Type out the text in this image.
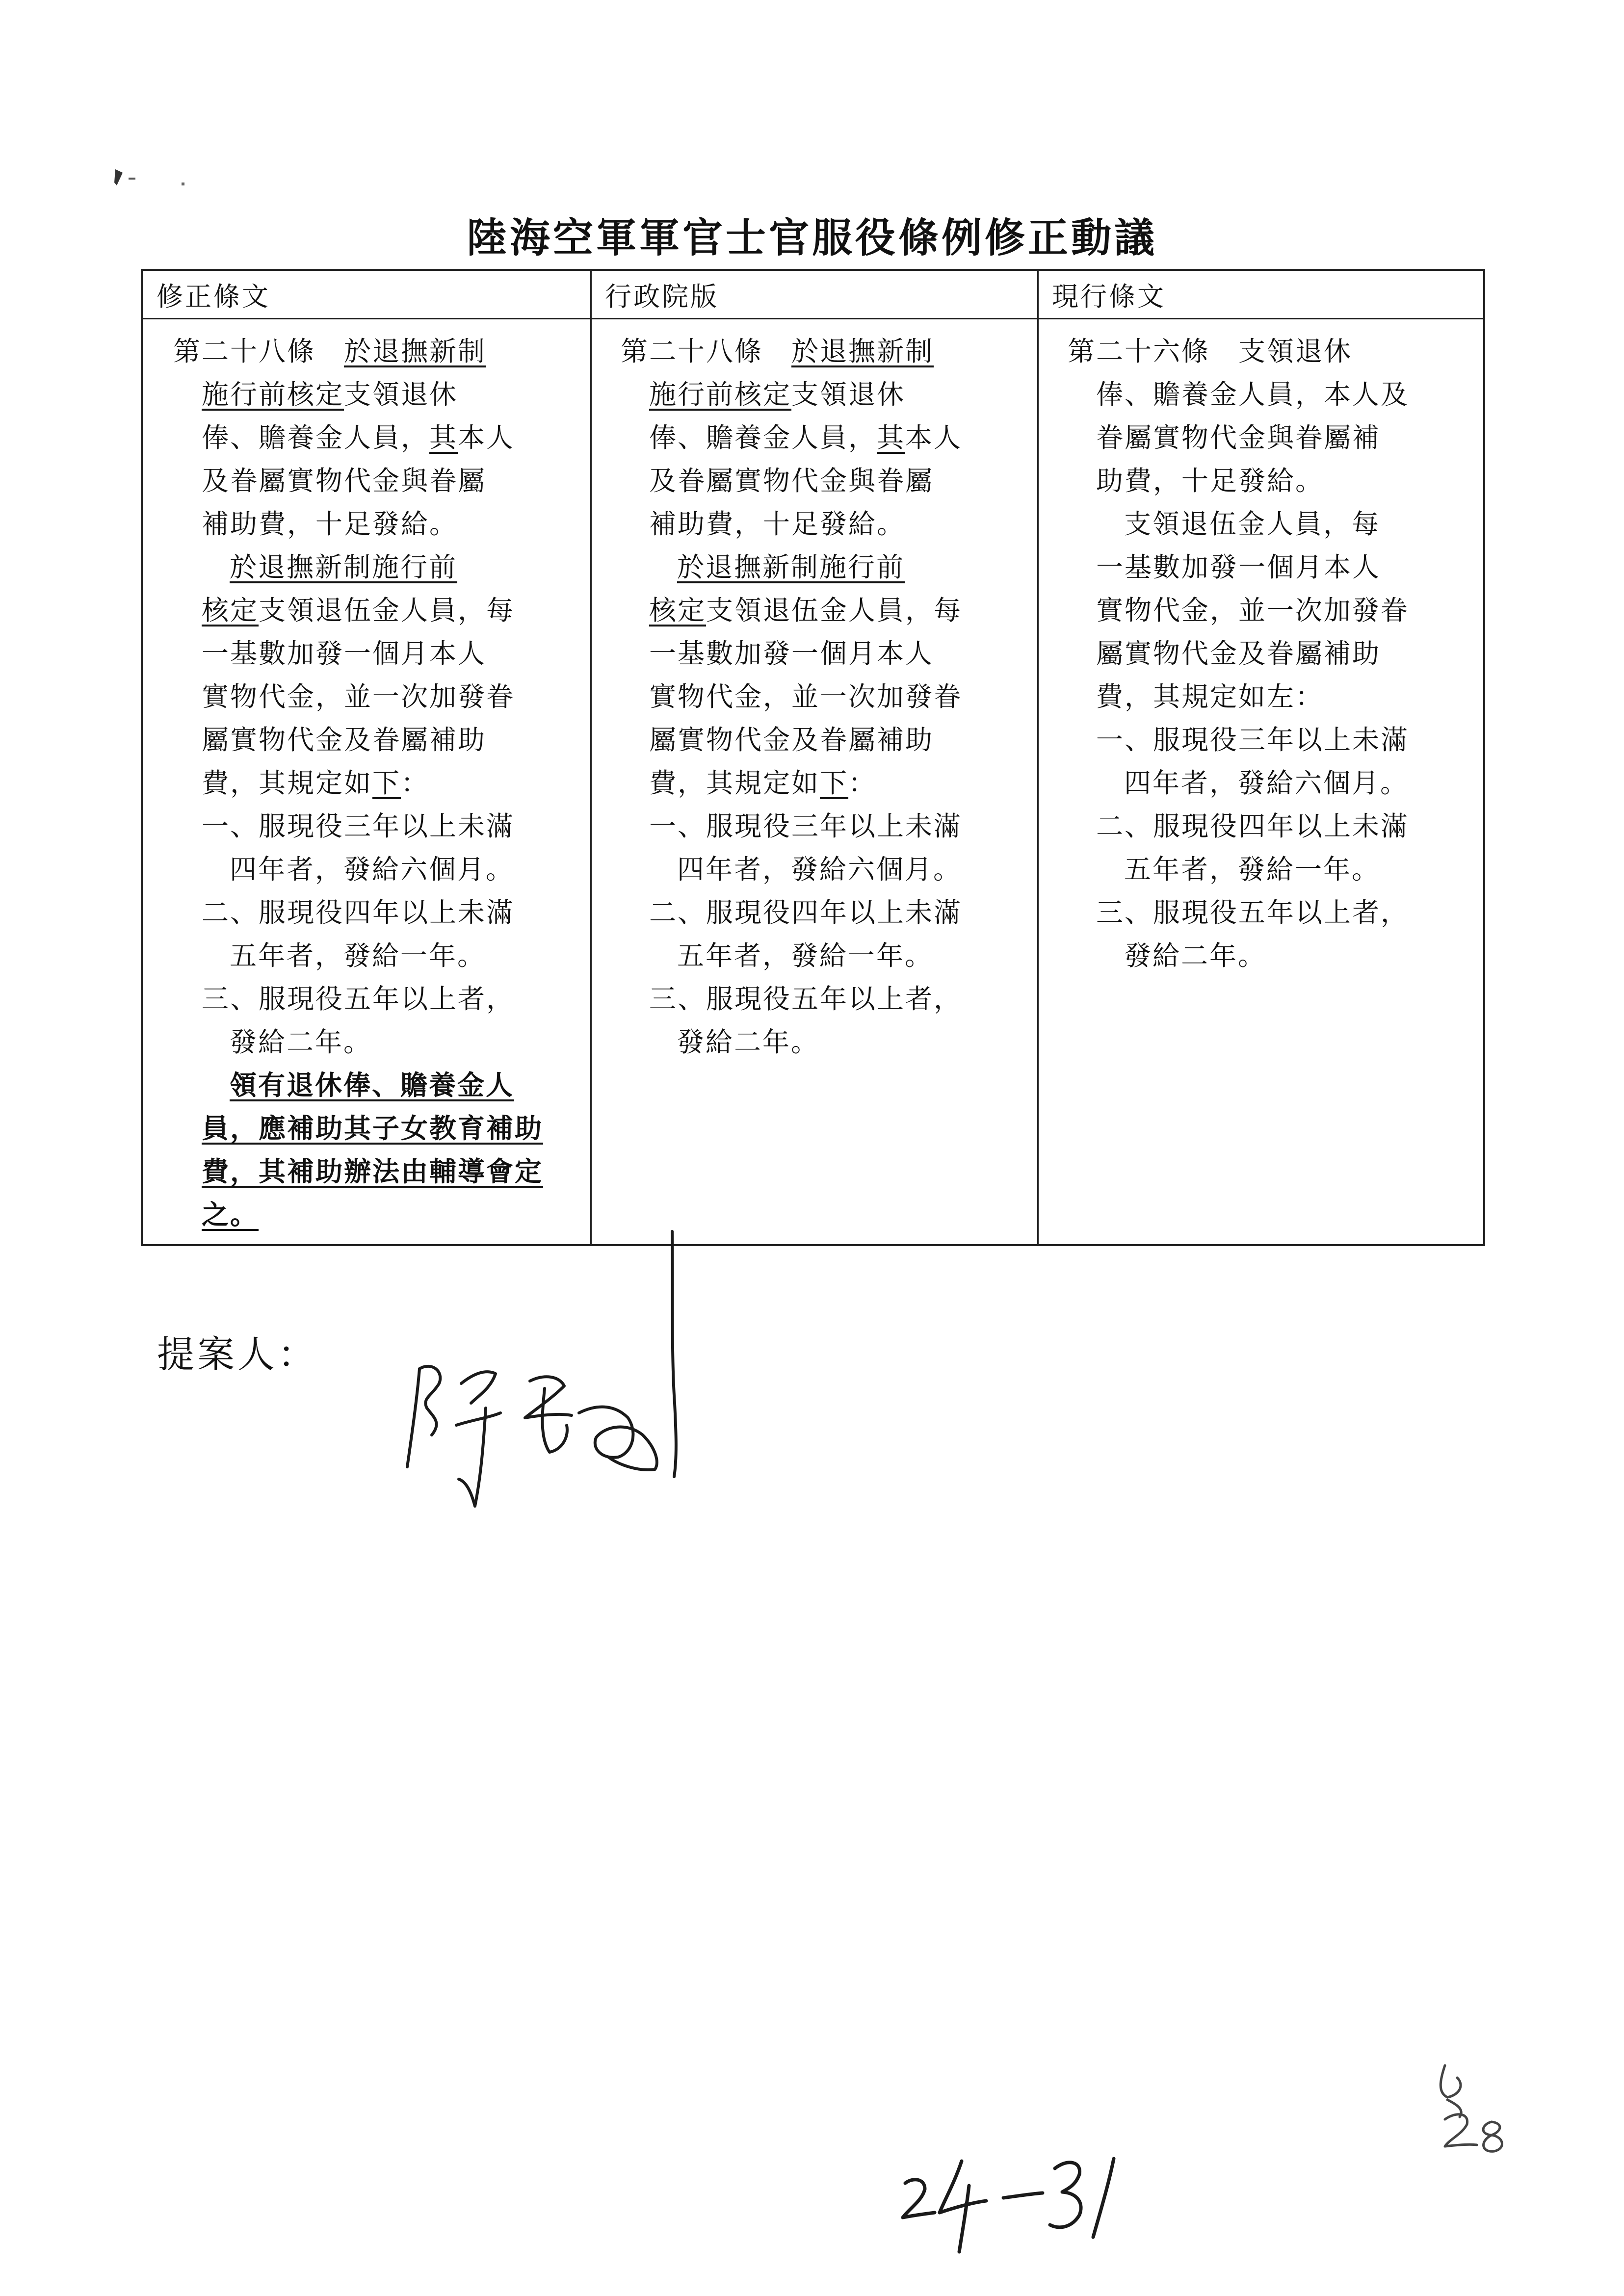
陸海空軍軍官士官服役條例修正動議
修正條文	行政院版	現行條文
第二十八條　於退撫新制
施行前核定支領退休
俸、贍養金人員，其本人
及眷屬實物代金與眷屬
補助費，十足發給。
於退撫新制施行前
核定支領退伍金人員，每
一基數加發一個月本人
實物代金，並一次加發眷
屬實物代金及眷屬補助
費，其規定如下：
一、服現役三年以上未滿
四年者，發給六個月。
二、服現役四年以上未滿
五年者，發給一年。
三、服現役五年以上者，
發給二年。
領有退休俸、贍養金人
員，應補助其子女教育補助
費，其補助辦法由輔導會定
之。
第二十八條　於退撫新制
施行前核定支領退休
俸、贍養金人員，其本人
及眷屬實物代金與眷屬
補助費，十足發給。
於退撫新制施行前
核定支領退伍金人員，每
一基數加發一個月本人
實物代金，並一次加發眷
屬實物代金及眷屬補助
費，其規定如下：
一、服現役三年以上未滿
四年者，發給六個月。
二、服現役四年以上未滿
五年者，發給一年。
三、服現役五年以上者，
發給二年。
第二十六條　支領退休
俸、贍養金人員，本人及
眷屬實物代金與眷屬補
助費，十足發給。
支領退伍金人員，每
一基數加發一個月本人
實物代金，並一次加發眷
屬實物代金及眷屬補助
費，其規定如左：
一、服現役三年以上未滿
四年者，發給六個月。
二、服現役四年以上未滿
五年者，發給一年。
三、服現役五年以上者，
發給二年。
提案人：
